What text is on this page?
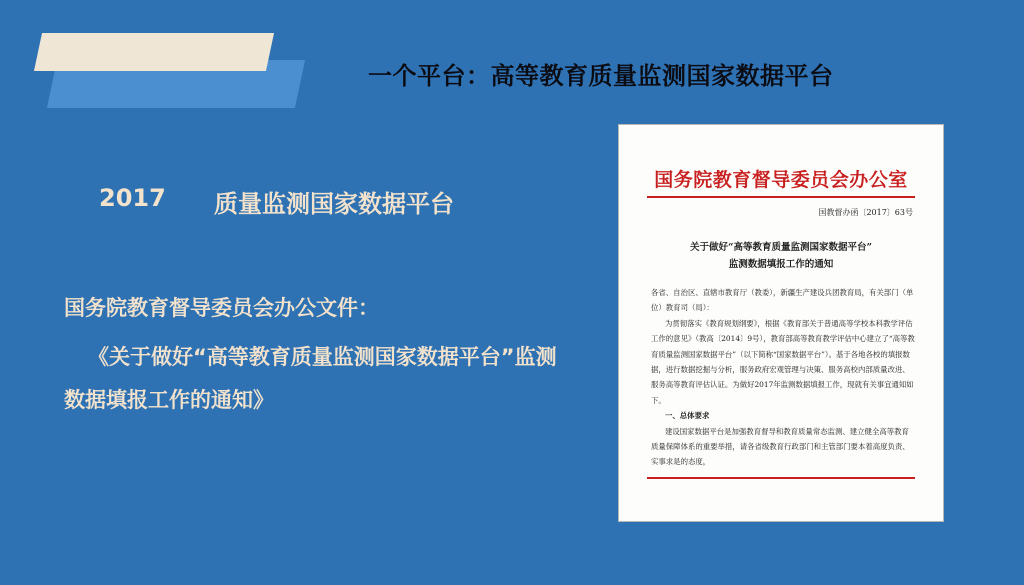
一个平台：高等教育质量监测国家数据平台
2017 质量监测国家数据平台
国务院教育督导委员会办公文件：
《关于做好“高等教育质量监测国家数据平台”监测数据填报工作的通知》
国务院教育督导委员会办公室
国教督办函〔2017〕63号
关于做好“高等教育质量监测国家数据平台”
监测数据填报工作的通知

各省、自治区、直辖市教育厅（教委），新疆生产建设兵团教育局，有关部门（单位）教育司（局）：

为贯彻落实《教育规划纲要》，根据《教育部关于普通高等学校本科教学评估工作的意见》（教高〔2014〕9号），教育部高等教育教学评估中心建立了“高等教育质量监测国家数据平台”（以下简称“国家数据平台”）。基于各地各校的填报数据，进行数据挖掘与分析，服务政府宏观管理与决策、服务高校内部质量改进、服务高等教育评估认证。为做好2017年监测数据填报工作，现就有关事宜通知如下。

一、总体要求

建设国家数据平台是加强教育督导和教育质量常态监测、建立健全高等教育质量保障体系的重要举措，请各省级教育行政部门和主管部门要本着高度负责、实事求是的态度，
